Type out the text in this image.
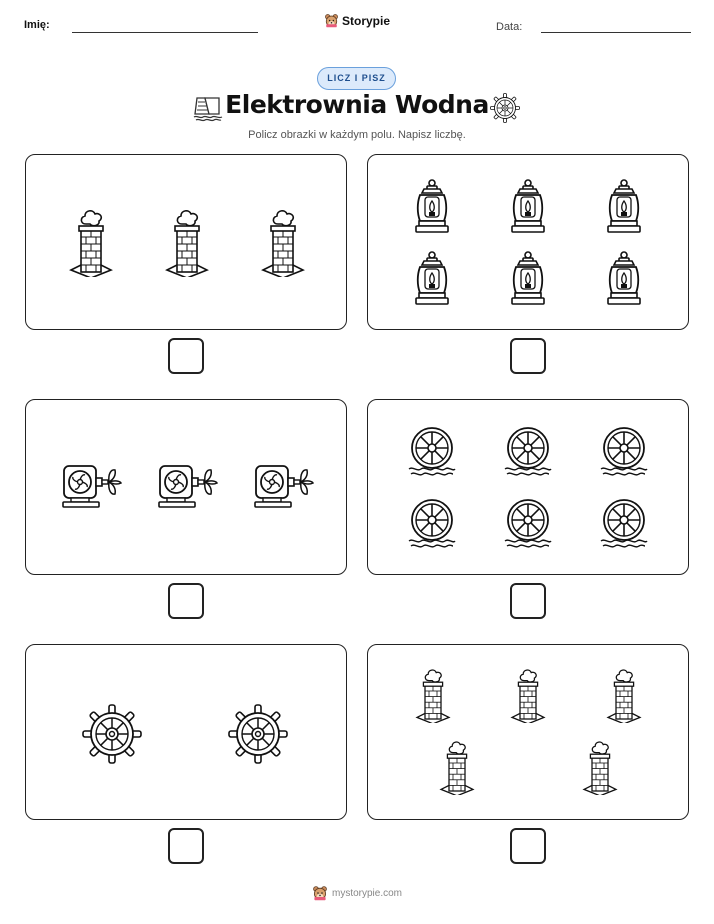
Imię:	Storypie	Data:
LICZ I PISZ
Elektrownia Wodna
Policz obrazki w każdym polu. Napisz liczbę.
mystorypie.com
